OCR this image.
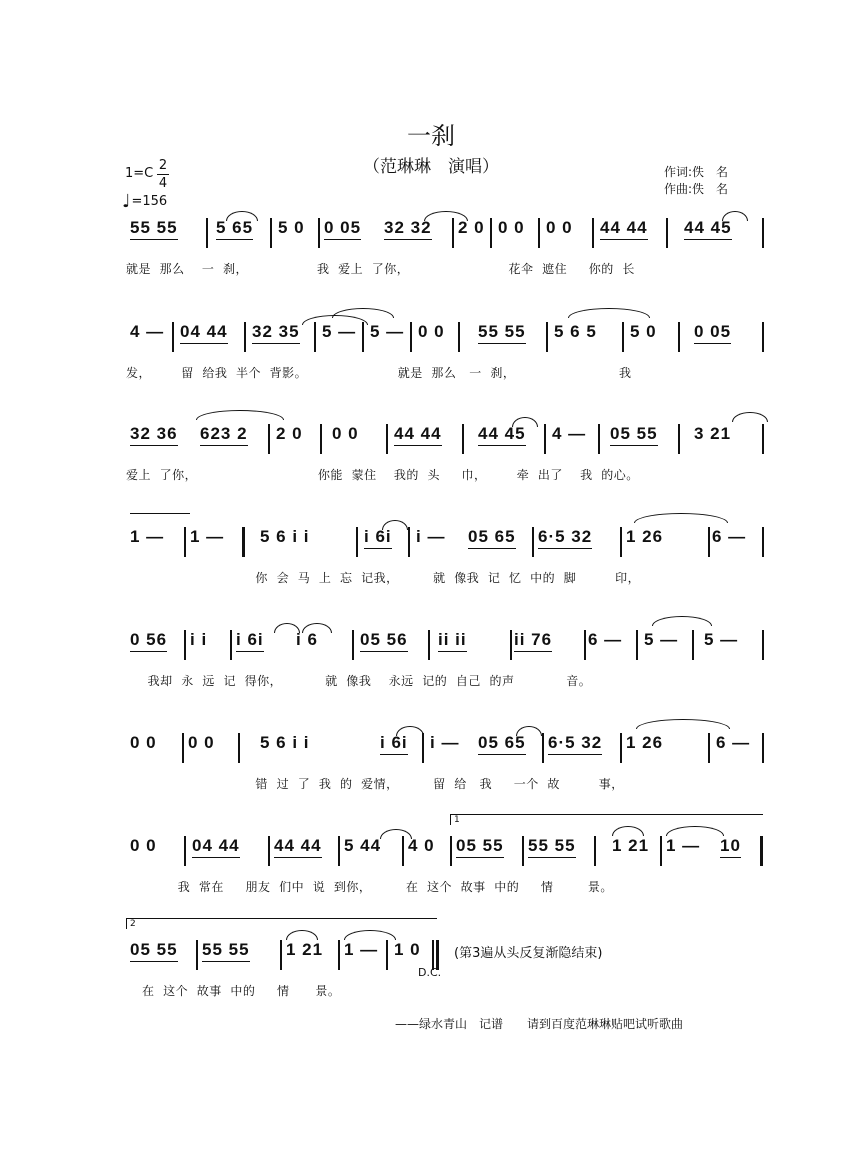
一刹
（范琳琳　演唱）
1=C
2
4
♩=156
作词:佚　名
作曲:佚　名
55 55 5 65 5 0 0 05 32 32 2 0 0 0 0 0 44 44 44 45
就是  那么    一  刹，                我  爱上  了你，                       花伞  遮住     你的  长
4 — 04 44 32 35 5 — 5 — 0 0 55 55 5 6 5 5 0 0 05
发，       留  给我  半个  背影。                     就是  那么   一  刹，                        我
32 36 623 2 2 0 0 0 44 44 44 45 4 — 05 55 3 21
爱上  了你，                            你能  蒙住    我的  头     巾，       牵  出了    我  的心。
1 — 1 — 5 6 i i	i 6i i — 05 65 6·5 32 1 26	6 —
你  会  马  上  忘  记我，        就  像我  记  忆  中的  脚         印，
0 56 i i i 6i i 6 05 56 ii ii	ii 76 6 — 5 — 5 —
我却  永  远  记  得你，          就  像我    永远  记的  自己  的声            音。
0 0 0 0	5 6 i i	i 6i i — 05 65 6·5 32 1 26	6 —
错  过  了  我  的  爱情，        留  给   我     一个  故         事，
1
0 0 04 44 44 44 5 44 4 0 05 55 55 55 1 21 1 — 10
我  常在     朋友  们中  说  到你，        在  这个  故事  中的     情        景。
2
05 55 55 55 1 21 1 — 1 0
D.C.
(第3遍从头反复渐隐结束)
在  这个  故事  中的     情      景。
——绿水青山　记谱　　请到百度范琳琳贴吧试听歌曲
